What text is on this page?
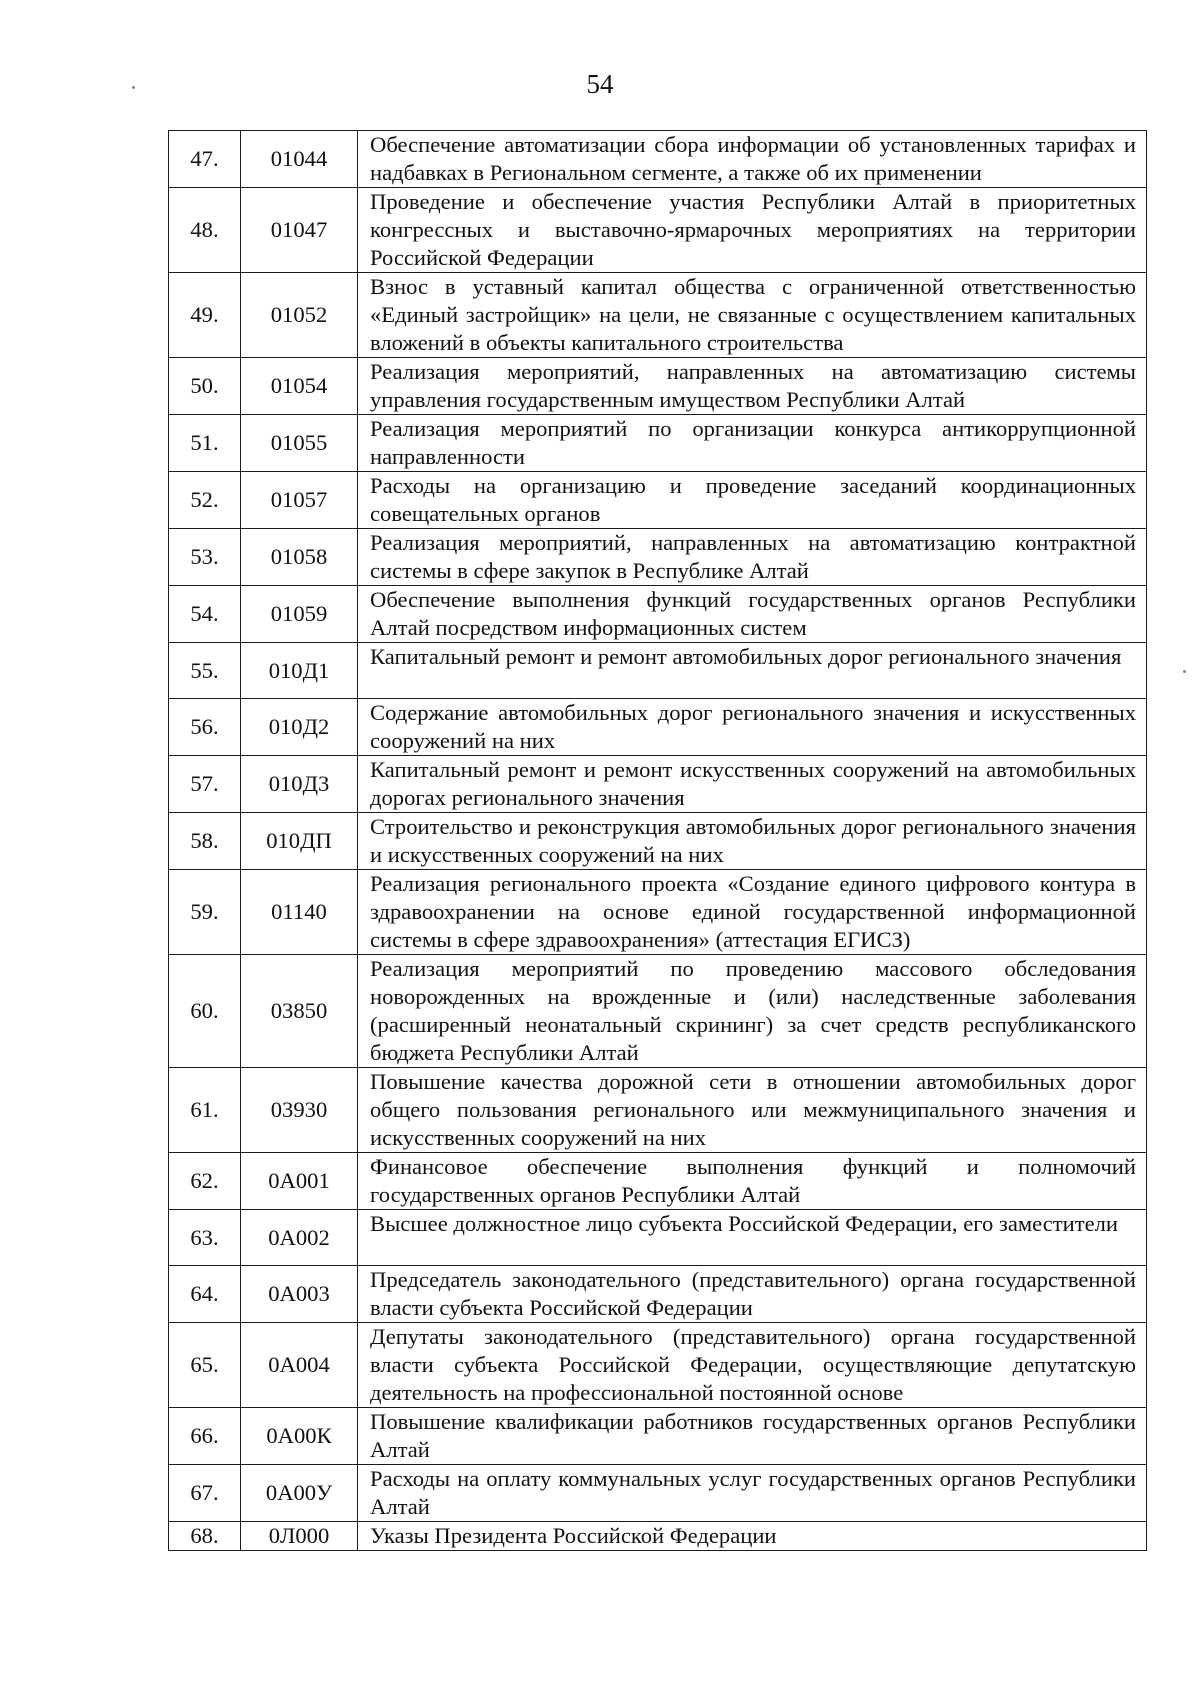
54
47.	01044	Обеспечение автоматизации сбора информации об установленных тарифах и надбавках в Региональном сегменте, а также об их применении
48.	01047	Проведение и обеспечение участия Республики Алтай в приоритетных конгрессных и выставочно-ярмарочных мероприятиях на территории Российской Федерации
49.	01052	Взнос в уставный капитал общества с ограниченной ответственностью «Единый застройщик» на цели, не связанные с осуществлением капитальных вложений в объекты капитального строительства
50.	01054	Реализация мероприятий, направленных на автоматизацию системы управления государственным имуществом Республики Алтай
51.	01055	Реализация мероприятий по организации конкурса антикоррупционной направленности
52.	01057	Расходы на организацию и проведение заседаний координационных совещательных органов
53.	01058	Реализация мероприятий, направленных на автоматизацию контрактной системы в сфере закупок в Республике Алтай
54.	01059	Обеспечение выполнения функций государственных органов Республики Алтай посредством информационных систем
55.	010Д1	Капитальный ремонт и ремонт автомобильных дорог регионального значения
56.	010Д2	Содержание автомобильных дорог регионального значения и искусственных сооружений на них
57.	010Д3	Капитальный ремонт и ремонт искусственных сооружений на автомобильных дорогах регионального значения
58.	010ДП	Строительство и реконструкция автомобильных дорог регионального значения и искусственных сооружений на них
59.	01140	Реализация регионального проекта «Создание единого цифрового контура в здравоохранении на основе единой государственной информационной системы в сфере здравоохранения» (аттестация ЕГИСЗ)
60.	03850	Реализация мероприятий по проведению массового обследования новорожденных на врожденные и (или) наследственные заболевания (расширенный неонатальный скрининг) за счет средств республиканского бюджета Республики Алтай
61.	03930	Повышение качества дорожной сети в отношении автомобильных дорог общего пользования регионального или межмуниципального значения и искусственных сооружений на них
62.	0А001	Финансовое обеспечение выполнения функций и полномочий государственных органов Республики Алтай
63.	0А002	Высшее должностное лицо субъекта Российской Федерации, его заместители
64.	0А003	Председатель законодательного (представительного) органа государственной власти субъекта Российской Федерации
65.	0А004	Депутаты законодательного (представительного) органа государственной власти субъекта Российской Федерации, осуществляющие депутатскую деятельность на профессиональной постоянной основе
66.	0А00К	Повышение квалификации работников государственных органов Республики Алтай
67.	0А00У	Расходы на оплату коммунальных услуг государственных органов Республики Алтай
68.	0Л000	Указы Президента Российской Федерации
